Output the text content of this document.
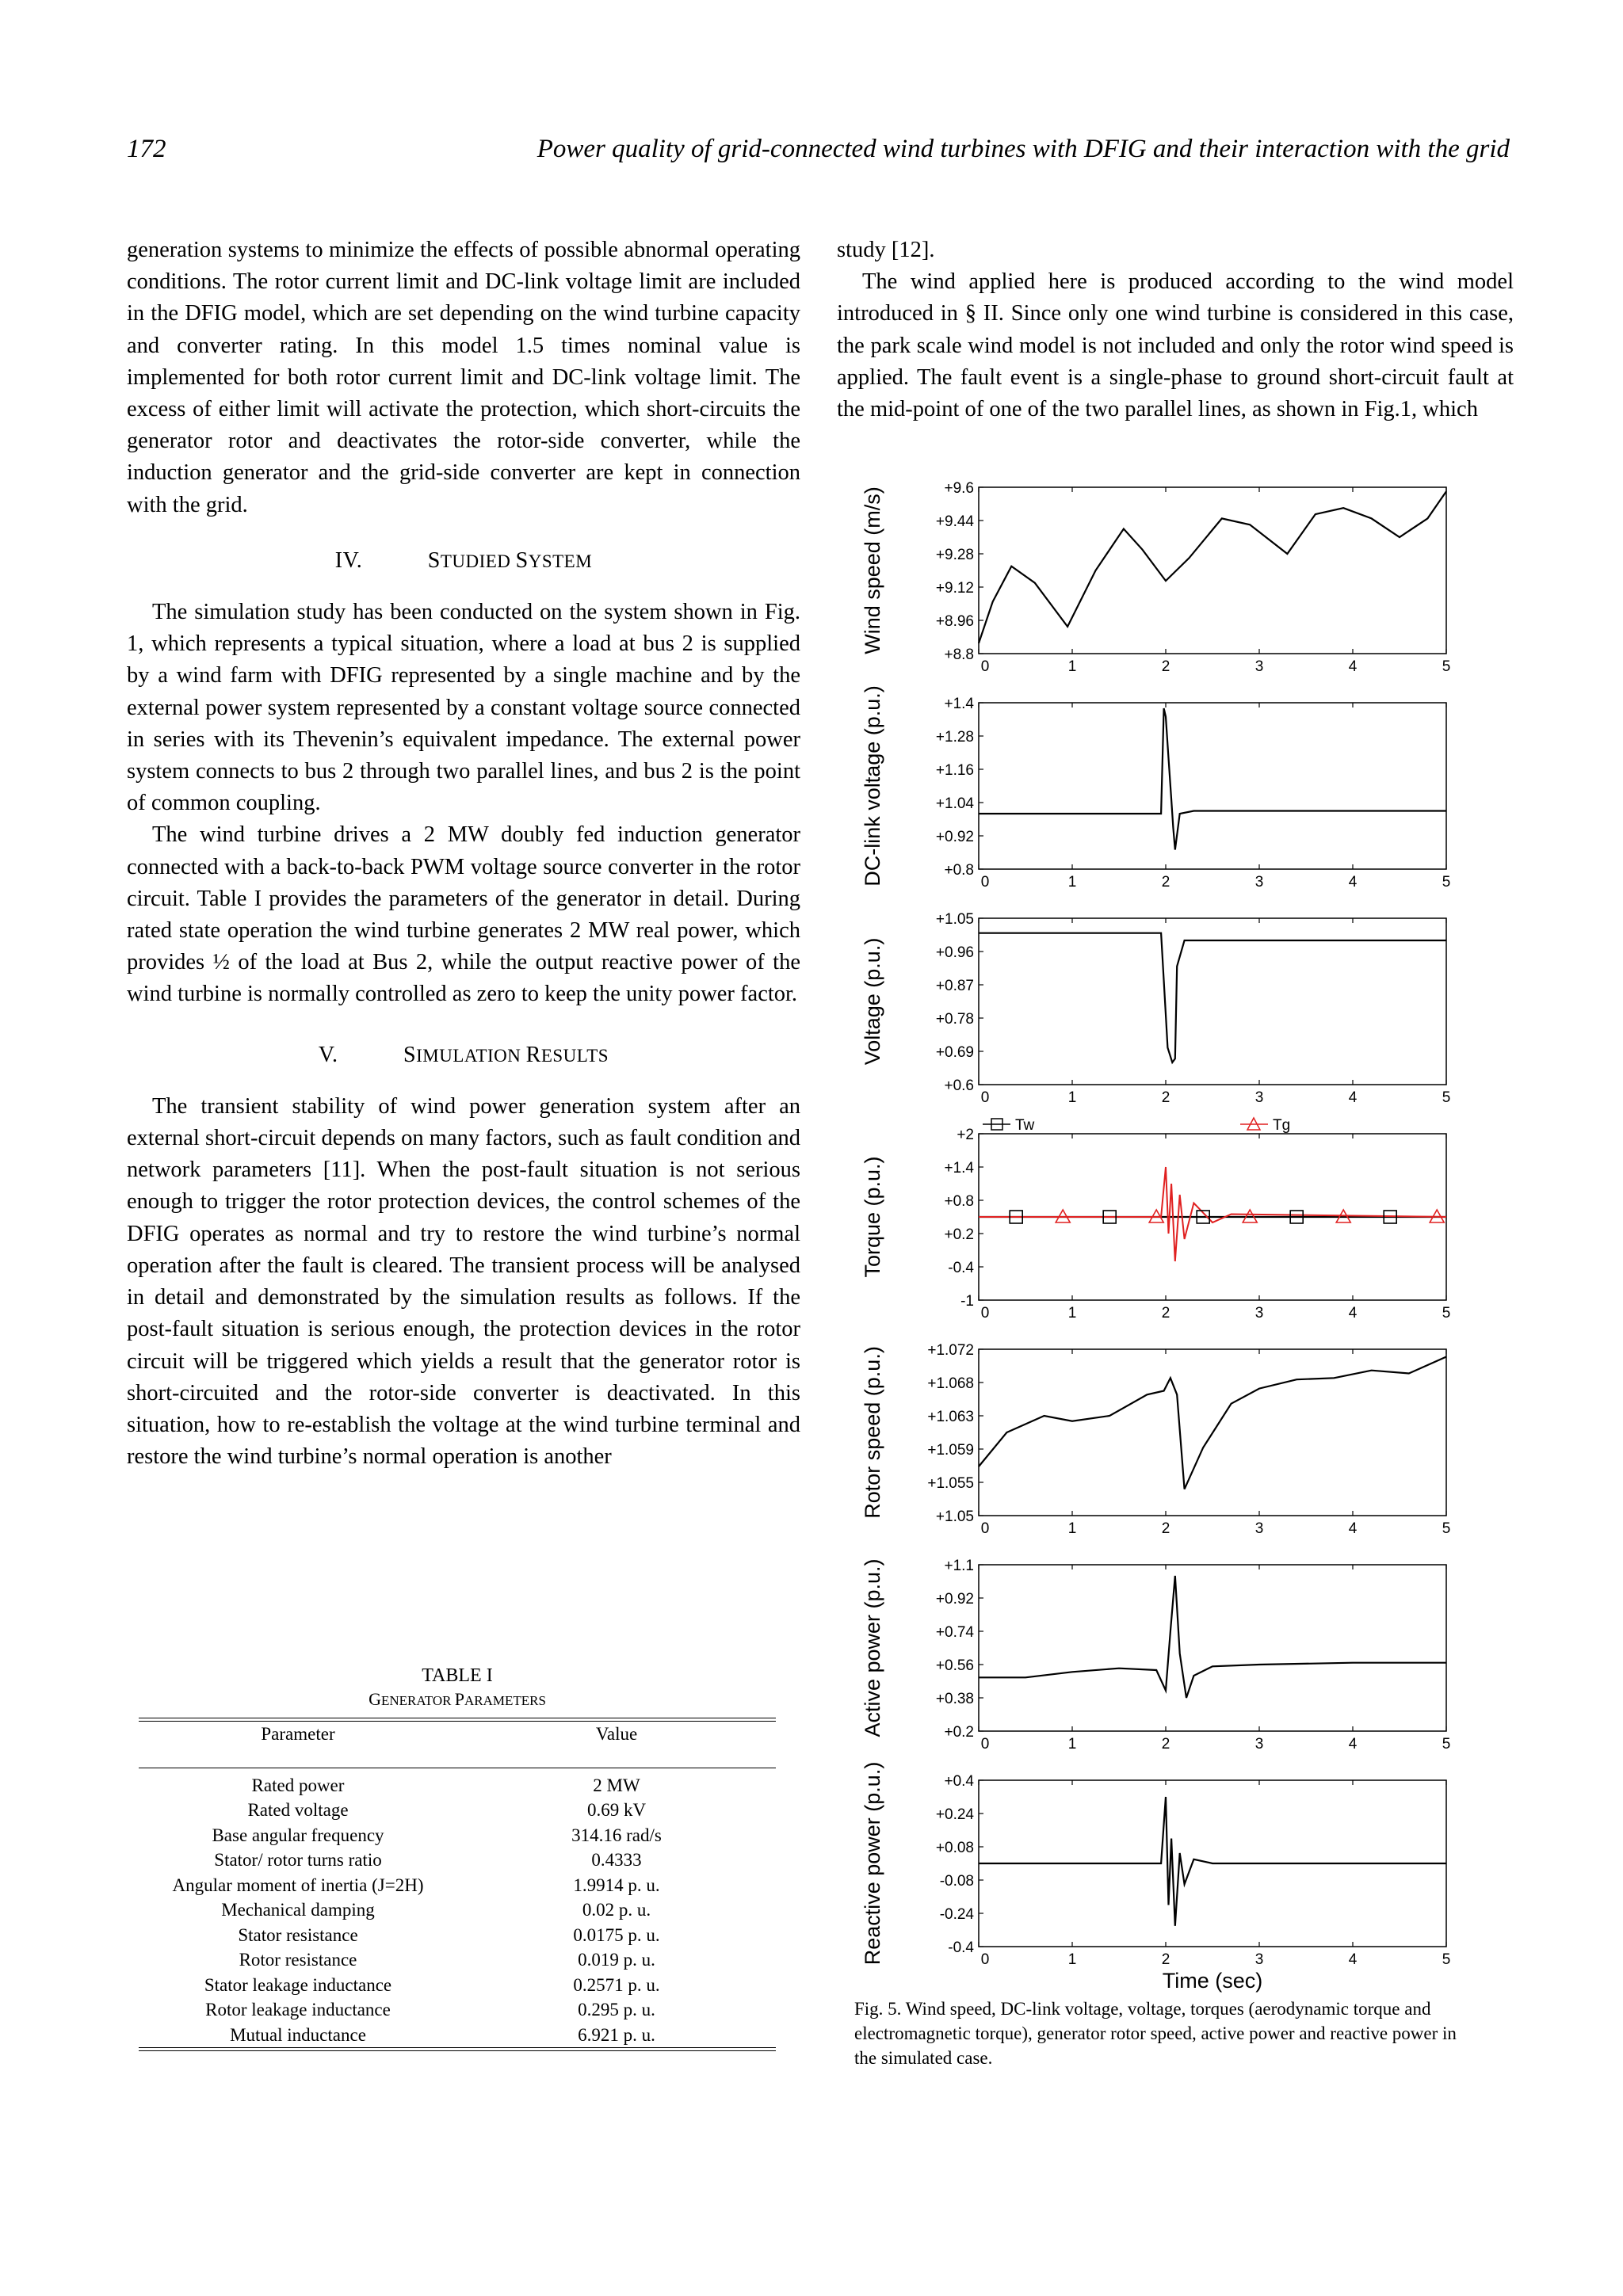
172	Power quality of grid-connected wind turbines with DFIG and their interaction with the grid

generation systems to minimize the effects of possible abnormal operating conditions. The rotor current limit and DC-link voltage limit are included in the DFIG model, which are set depending on the wind turbine capacity and converter rating. In this model 1.5 times nominal value is implemented for both rotor current limit and DC-link voltage limit. The excess of either limit will activate the protection, which short-circuits the generator rotor and deactivates the rotor-side converter, while the induction generator and the grid-side converter are kept in connection with the grid.

IV.	STUDIED SYSTEM

The simulation study has been conducted on the system shown in Fig. 1, which represents a typical situation, where a load at bus 2 is supplied by a wind farm with DFIG represented by a single machine and by the external power system represented by a constant voltage source connected in series with its Thevenin’s equivalent impedance. The external power system connects to bus 2 through two parallel lines, and bus 2 is the point of common coupling.

The wind turbine drives a 2 MW doubly fed induction generator connected with a back-to-back PWM voltage source converter in the rotor circuit. Table I provides the parameters of the generator in detail. During rated state operation the wind turbine generates 2 MW real power, which provides ½ of the load at Bus 2, while the output reactive power of the wind turbine is normally controlled as zero to keep the unity power factor.

V.	SIMULATION RESULTS

The transient stability of wind power generation system after an external short-circuit depends on many factors, such as fault condition and network parameters [11]. When the post-fault situation is not serious enough to trigger the rotor protection devices, the control schemes of the DFIG operates as normal and try to restore the wind turbine’s normal operation after the fault is cleared. The transient process will be analysed in detail and demonstrated by the simulation results as follows. If the post-fault situation is serious enough, the protection devices in the rotor circuit will be triggered which yields a result that the generator rotor is short-circuited and the rotor-side converter is deactivated. In this situation, how to re-establish the voltage at the wind turbine terminal and restore the wind turbine’s normal operation is another

TABLE I
GENERATOR PARAMETERS
Parameter	Value
Rated power	2 MW
Rated voltage	0.69 kV
Base angular frequency	314.16 rad/s
Stator/ rotor turns ratio	0.4333
Angular moment of inertia (J=2H)	1.9914 p. u.
Mechanical damping	0.02 p. u.
Stator resistance	0.0175 p. u.
Rotor resistance	0.019 p. u.
Stator leakage inductance	0.2571 p. u.
Rotor leakage inductance	0.295 p. u.
Mutual inductance	6.921 p. u.

study [12].

The wind applied here is produced according to the wind model introduced in § II. Since only one wind turbine is considered in this case, the park scale wind model is not included and only the rotor wind speed is applied. The fault event is a single-phase to ground short-circuit fault at the mid-point of one of the two parallel lines, as shown in Fig.1, which

+8.8
+8.96
+9.12
+9.28
+9.44
+9.6
0	1	2	3	4	5
Wind speed (m/s)
+0.8
+0.92
+1.04
+1.16
+1.28
+1.4
0	1	2	3	4	5
DC-link voltage (p.u.)
+0.6
+0.69
+0.78
+0.87
+0.96
+1.05
0	1	2	3	4	5
Voltage (p.u.)
-1
-0.4
+0.2
+0.8
+1.4
+2
0	1	2	3	4	5
Torque (p.u.)
Tw	Tg
+1.05
+1.055
+1.059
+1.063
+1.068
+1.072
0	1	2	3	4	5
Rotor speed (p.u.)
+0.2
+0.38
+0.56
+0.74
+0.92
+1.1
0	1	2	3	4	5
Active power (p.u.)
-0.4
-0.24
-0.08
+0.08
+0.24
+0.4
0	1	2	3	4	5
Reactive power (p.u.)
Time (sec)
Fig. 5. Wind speed, DC-link voltage, voltage, torques (aerodynamic torque and electromagnetic torque), generator rotor speed, active power and reactive power in the simulated case.
